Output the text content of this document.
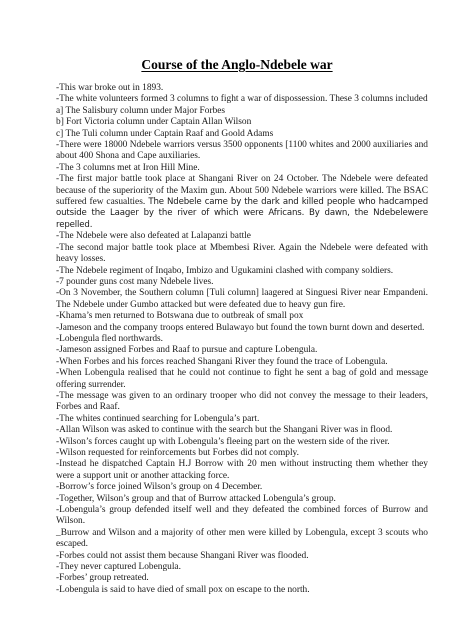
Course of the Anglo-Ndebele war

-This war broke out in 1893.

-The white volunteers formed 3 columns to fight a war of dispossession. These 3 columns included

a] The Salisbury column under Major Forbes

b] Fort Victoria column under Captain Allan Wilson

c] The Tuli column under Captain Raaf and Goold Adams

-There were 18000 Ndebele warriors versus 3500 opponents [1100 whites and 2000 auxiliaries and about 400 Shona and Cape auxiliaries.

-The 3 columns met at Iron Hill Mine.

-The first major battle took place at Shangani River on 24 October. The Ndebele were defeated because of the superiority of the Maxim gun. About 500 Ndebele warriors were killed. The BSAC suffered few casualties. The Ndebele came by the dark and killed people who hadcamped outside the Laager by the river of which were Africans. By dawn, the Ndebelewere repelled.

-The Ndebele were also defeated at Lalapanzi battle

-The second major battle took place at Mbembesi River. Again the Ndebele were defeated with heavy losses.

-The Ndebele regiment of Inqabo, Imbizo and Ugukamini clashed with company soldiers.

-7 pounder guns cost many Ndebele lives.

-On 3 November, the Southern column [Tuli column] laagered at Singuesi River near Empandeni. The Ndebele under Gumbo attacked but were defeated due to heavy gun fire.

-Khama’s men returned to Botswana due to outbreak of small pox

-Jameson and the company troops entered Bulawayo but found the town burnt down and deserted.

-Lobengula fled northwards.

-Jameson assigned Forbes and Raaf to pursue and capture Lobengula.

-When Forbes and his forces reached Shangani River they found the trace of Lobengula.

-When Lobengula realised that he could not continue to fight he sent a bag of gold and message offering surrender.

-The message was given to an ordinary trooper who did not convey the message to their leaders, Forbes and Raaf.

-The whites continued searching for Lobengula’s part.

-Allan Wilson was asked to continue with the search but the Shangani River was in flood.

-Wilson’s forces caught up with Lobengula’s fleeing part on the western side of the river.

-Wilson requested for reinforcements but Forbes did not comply.

-Instead he dispatched Captain H.J Borrow with 20 men without instructing them whether they were a support unit or another attacking force.

-Borrow’s force joined Wilson’s group on 4 December.

-Together, Wilson’s group and that of Burrow attacked Lobengula’s group.

-Lobengula’s group defended itself well and they defeated the combined forces of Burrow and Wilson.

_Burrow and Wilson and a majority of other men were killed by Lobengula, except 3 scouts who escaped.

-Forbes could not assist them because Shangani River was flooded.

-They never captured Lobengula.

-Forbes’ group retreated.

-Lobengula is said to have died of small pox on escape to the north.
